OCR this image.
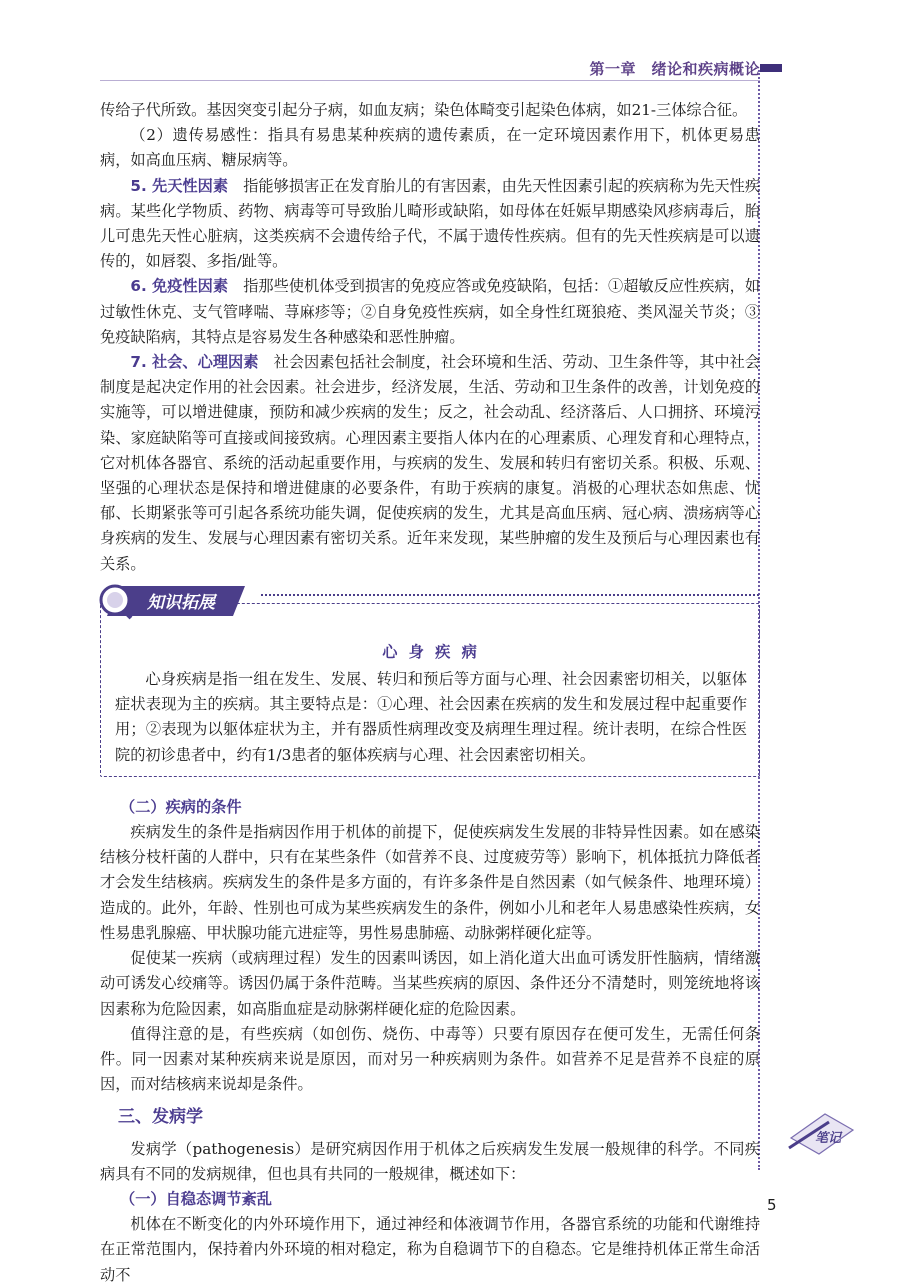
第一章　绪论和疾病概论

传给子代所致。基因突变引起分子病，如血友病；染色体畸变引起染色体病，如21-三体综合征。

（2）遗传易感性：指具有易患某种疾病的遗传素质，在一定环境因素作用下，机体更易患病，如高血压病、糖尿病等。

5. 先天性因素　指能够损害正在发育胎儿的有害因素，由先天性因素引起的疾病称为先天性疾病。某些化学物质、药物、病毒等可导致胎儿畸形或缺陷，如母体在妊娠早期感染风疹病毒后，胎儿可患先天性心脏病，这类疾病不会遗传给子代，不属于遗传性疾病。但有的先天性疾病是可以遗传的，如唇裂、多指/趾等。

6. 免疫性因素　指那些使机体受到损害的免疫应答或免疫缺陷，包括：①超敏反应性疾病，如过敏性休克、支气管哮喘、荨麻疹等；②自身免疫性疾病，如全身性红斑狼疮、类风湿关节炎；③免疫缺陷病，其特点是容易发生各种感染和恶性肿瘤。

7. 社会、心理因素　社会因素包括社会制度，社会环境和生活、劳动、卫生条件等，其中社会制度是起决定作用的社会因素。社会进步，经济发展，生活、劳动和卫生条件的改善，计划免疫的实施等，可以增进健康，预防和减少疾病的发生；反之，社会动乱、经济落后、人口拥挤、环境污染、家庭缺陷等可直接或间接致病。心理因素主要指人体内在的心理素质、心理发育和心理特点，它对机体各器官、系统的活动起重要作用，与疾病的发生、发展和转归有密切关系。积极、乐观、坚强的心理状态是保持和增进健康的必要条件，有助于疾病的康复。消极的心理状态如焦虑、忧郁、长期紧张等可引起各系统功能失调，促使疾病的发生，尤其是高血压病、冠心病、溃疡病等心身疾病的发生、发展与心理因素有密切关系。近年来发现，某些肿瘤的发生及预后与心理因素也有关系。

知识拓展
心 身 疾 病

心身疾病是指一组在发生、发展、转归和预后等方面与心理、社会因素密切相关，以躯体症状表现为主的疾病。其主要特点是：①心理、社会因素在疾病的发生和发展过程中起重要作用；②表现为以躯体症状为主，并有器质性病理改变及病理生理过程。统计表明，在综合性医院的初诊患者中，约有1/3患者的躯体疾病与心理、社会因素密切相关。

（二）疾病的条件

疾病发生的条件是指病因作用于机体的前提下，促使疾病发生发展的非特异性因素。如在感染结核分枝杆菌的人群中，只有在某些条件（如营养不良、过度疲劳等）影响下，机体抵抗力降低者才会发生结核病。疾病发生的条件是多方面的，有许多条件是自然因素（如气候条件、地理环境）造成的。此外，年龄、性别也可成为某些疾病发生的条件，例如小儿和老年人易患感染性疾病，女性易患乳腺癌、甲状腺功能亢进症等，男性易患肺癌、动脉粥样硬化症等。

促使某一疾病（或病理过程）发生的因素叫诱因，如上消化道大出血可诱发肝性脑病，情绪激动可诱发心绞痛等。诱因仍属于条件范畴。当某些疾病的原因、条件还分不清楚时，则笼统地将该因素称为危险因素，如高脂血症是动脉粥样硬化症的危险因素。

值得注意的是，有些疾病（如创伤、烧伤、中毒等）只要有原因存在便可发生，无需任何条件。同一因素对某种疾病来说是原因，而对另一种疾病则为条件。如营养不足是营养不良症的原因，而对结核病来说却是条件。

三、发病学

发病学（pathogenesis）是研究病因作用于机体之后疾病发生发展一般规律的科学。不同疾病具有不同的发病规律，但也具有共同的一般规律，概述如下：

（一）自稳态调节紊乱

机体在不断变化的内外环境作用下，通过神经和体液调节作用，各器官系统的功能和代谢维持在正常范围内，保持着内外环境的相对稳定，称为自稳调节下的自稳态。它是维持机体正常生命活动不

笔记
5
